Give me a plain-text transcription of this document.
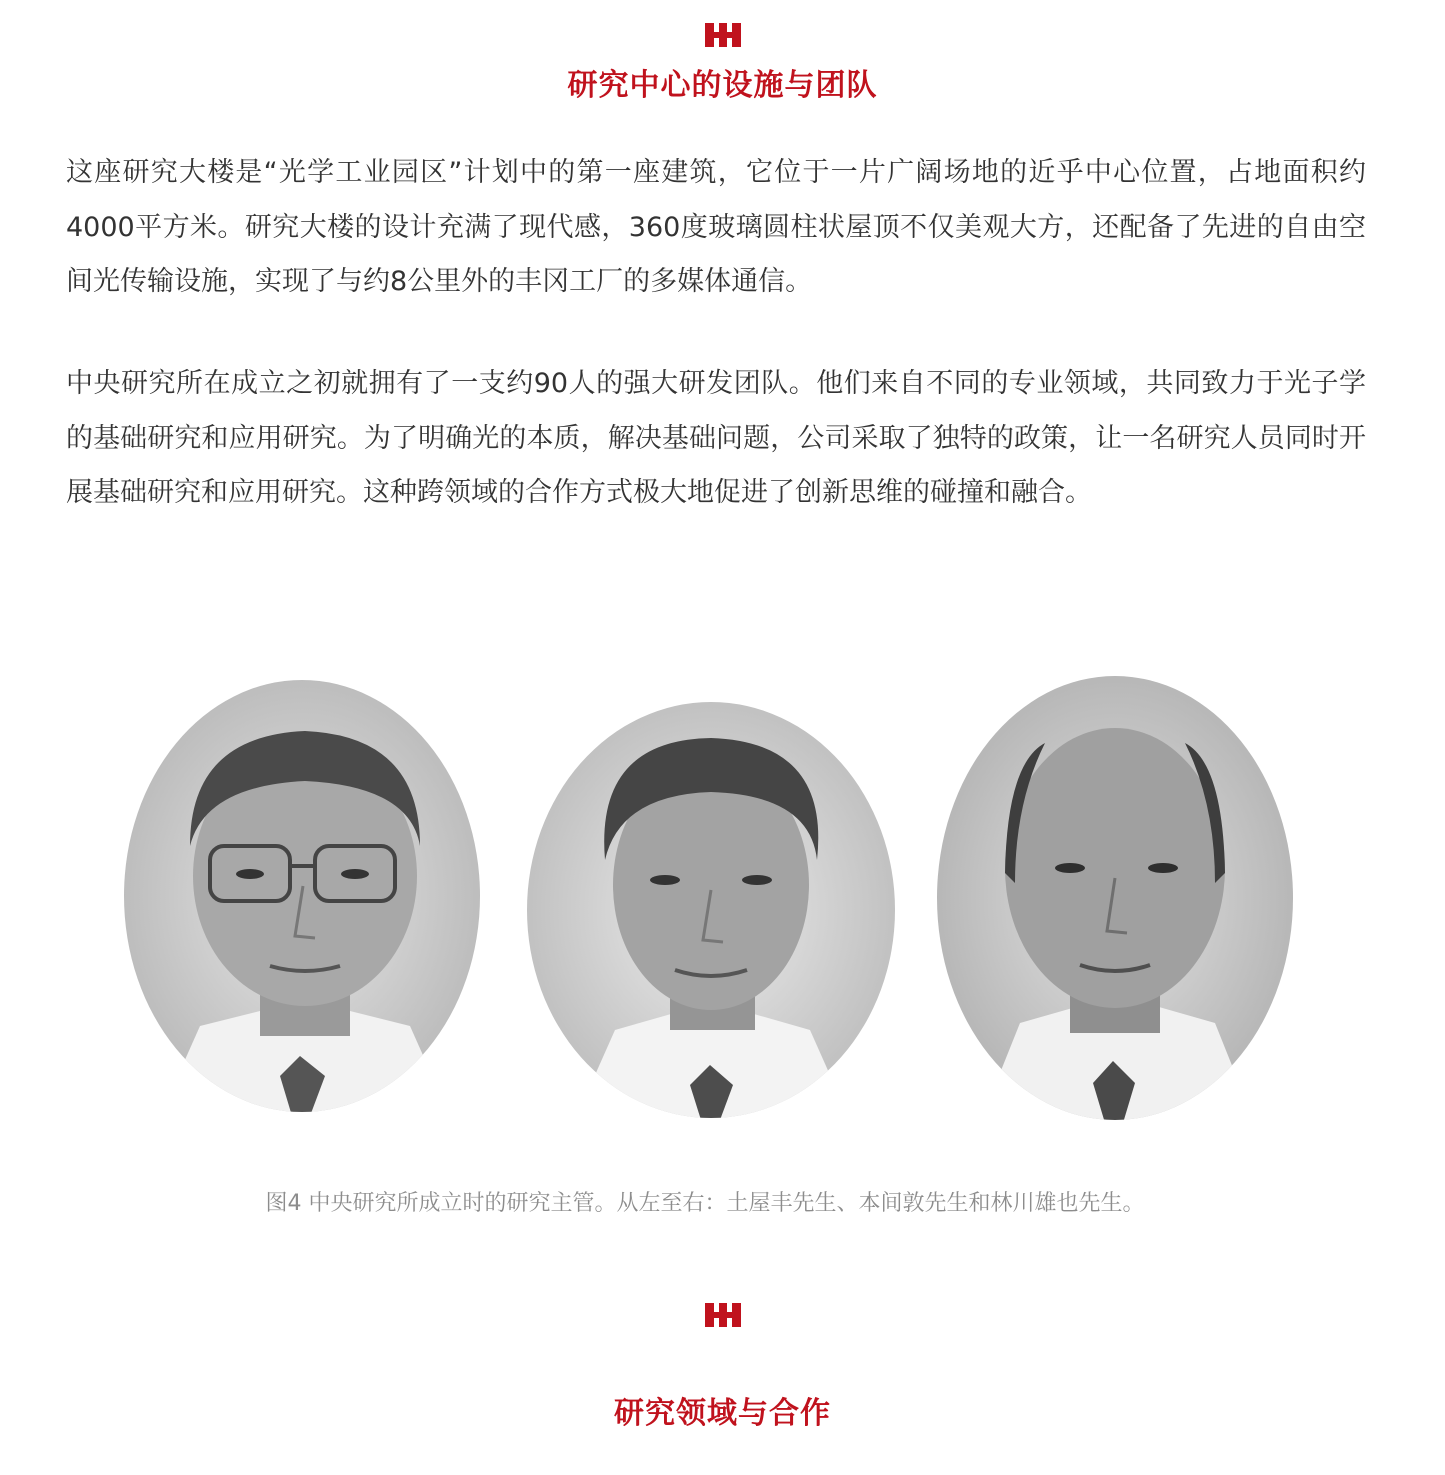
研究中心的设施与团队

这座研究大楼是“光学工业园区”计划中的第一座建筑，它位于一片广阔场地的近乎中心位置，占地面积约4000平方米。研究大楼的设计充满了现代感，360度玻璃圆柱状屋顶不仅美观大方，还配备了先进的自由空间光传输设施，实现了与约8公里外的丰冈工厂的多媒体通信。

中央研究所在成立之初就拥有了一支约90人的强大研发团队。他们来自不同的专业领域，共同致力于光子学的基础研究和应用研究。为了明确光的本质，解决基础问题，公司采取了独特的政策，让一名研究人员同时开展基础研究和应用研究。这种跨领域的合作方式极大地促进了创新思维的碰撞和融合。

图4 中央研究所成立时的研究主管。从左至右：土屋丰先生、本间敦先生和林川雄也先生。

研究领域与合作
